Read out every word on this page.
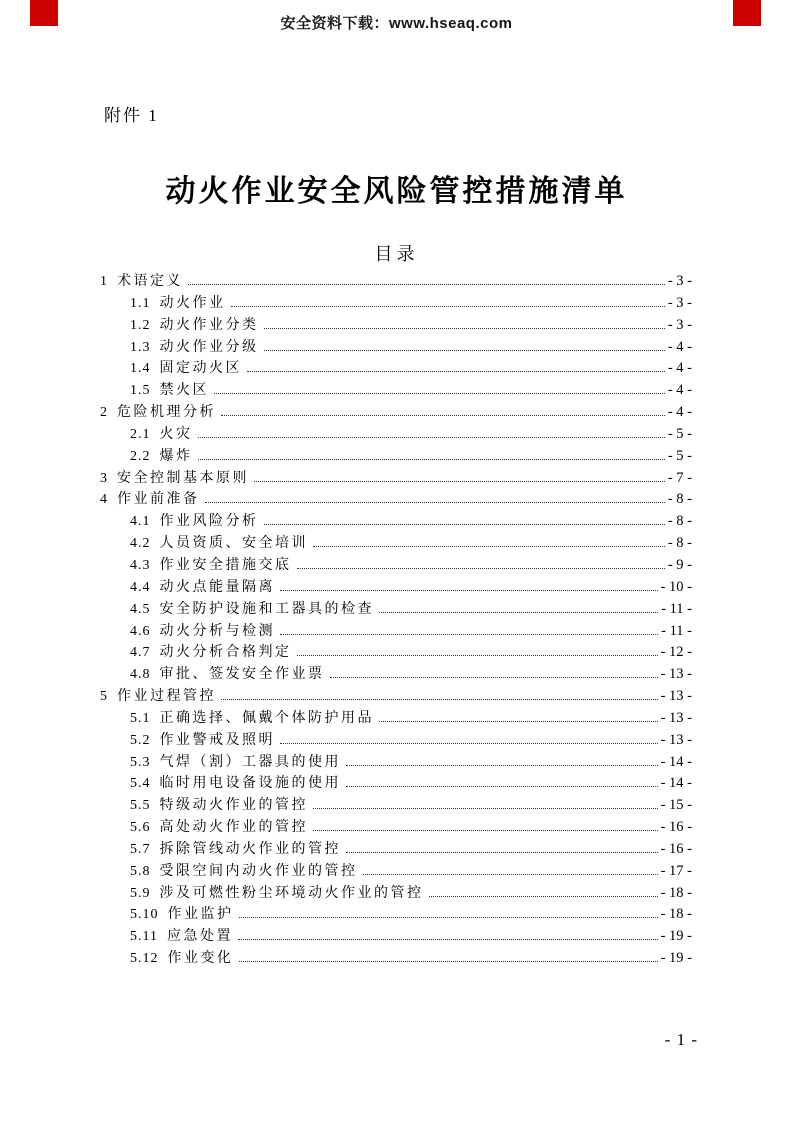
安全资料下载：www.hseaq.com
附件 1
动火作业安全风险管控措施清单
目录
1 术语定义	- 3 -
1.1 动火作业	- 3 -
1.2 动火作业分类	- 3 -
1.3 动火作业分级	- 4 -
1.4 固定动火区	- 4 -
1.5 禁火区	- 4 -
2 危险机理分析	- 4 -
2.1 火灾	- 5 -
2.2 爆炸	- 5 -
3 安全控制基本原则	- 7 -
4 作业前准备	- 8 -
4.1 作业风险分析	- 8 -
4.2 人员资质、安全培训	- 8 -
4.3 作业安全措施交底	- 9 -
4.4 动火点能量隔离	- 10 -
4.5 安全防护设施和工器具的检查	- 11 -
4.6 动火分析与检测	- 11 -
4.7 动火分析合格判定	- 12 -
4.8 审批、签发安全作业票	- 13 -
5 作业过程管控	- 13 -
5.1 正确选择、佩戴个体防护用品	- 13 -
5.2 作业警戒及照明	- 13 -
5.3 气焊（割）工器具的使用	- 14 -
5.4 临时用电设备设施的使用	- 14 -
5.5 特级动火作业的管控	- 15 -
5.6 高处动火作业的管控	- 16 -
5.7 拆除管线动火作业的管控	- 16 -
5.8 受限空间内动火作业的管控	- 17 -
5.9 涉及可燃性粉尘环境动火作业的管控	- 18 -
5.10 作业监护	- 18 -
5.11 应急处置	- 19 -
5.12 作业变化	- 19 -
- 1 -
